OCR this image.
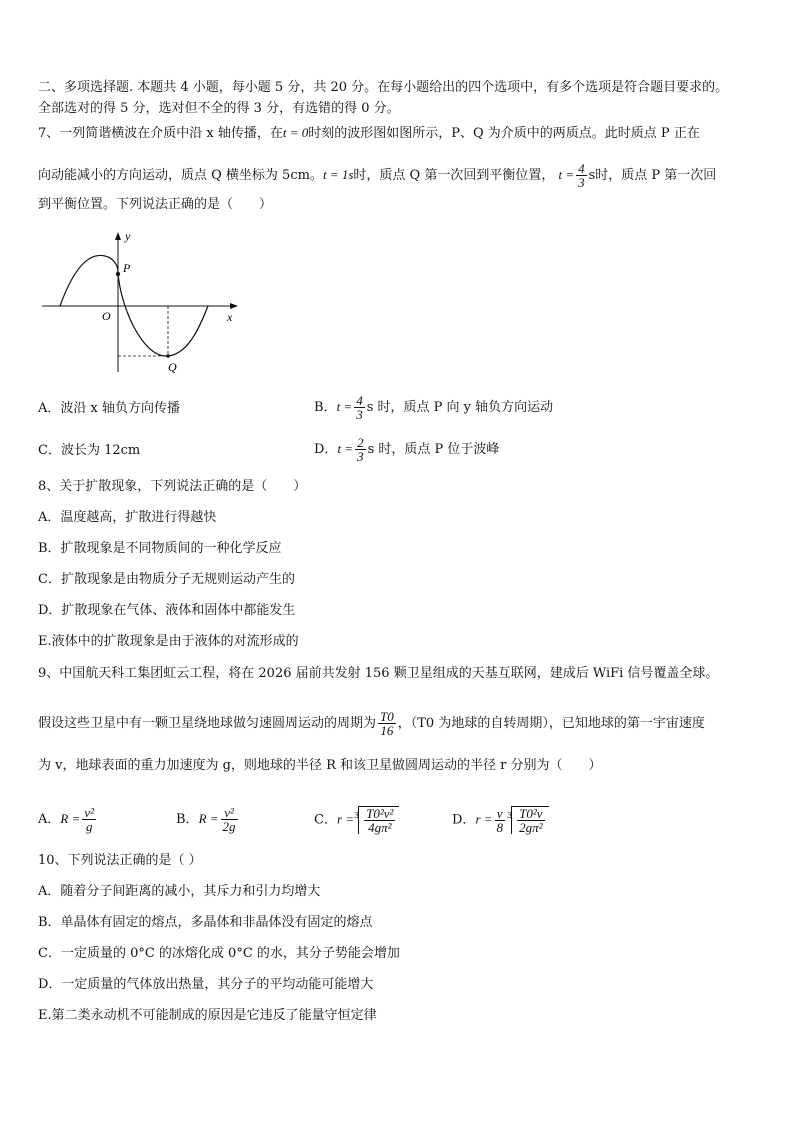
二、多项选择题. 本题共 4 小题，每小题 5 分，共 20 分。在每小题给出的四个选项中，有多个选项是符合题目要求的。
全部选对的得 5 分，选对但不全的得 3 分，有选错的得 0 分。
7、一列简谐横波在介质中沿 x 轴传播，在t = 0时刻的波形图如图所示，P、Q 为介质中的两质点。此时质点 P 正在
向动能减小的方向运动，质点 Q 横坐标为 5cm。t = 1s时，质点 Q 第一次回到平衡位置， $t = \frac{4}{3}$ s时，质点 P 第一次回
到平衡位置。下列说法正确的是（　　）
y
x
O
P
Q
A．波沿 x 轴负方向传播	B．$t = \frac{4}{3}$ s 时，质点 P 向 y 轴负方向运动
C．波长为 12cm	D．$t = \frac{2}{3}$ s 时，质点 P 位于波峰
8、关于扩散现象，下列说法正确的是（　　）
A．温度越高，扩散进行得越快
B．扩散现象是不同物质间的一种化学反应
C．扩散现象是由物质分子无规则运动产生的
D．扩散现象在气体、液体和固体中都能发生
E.液体中的扩散现象是由于液体的对流形成的
9、中国航天科工集团虹云工程，将在 2026 届前共发射 156 颗卫星组成的天基互联网，建成后 WiFi 信号覆盖全球。
假设这些卫星中有一颗卫星绕地球做匀速圆周运动的周期为 $\frac{T0}{16}$ ，（T0 为地球的自转周期），已知地球的第一宇宙速度
为 v，地球表面的重力加速度为 g，则地球的半径 R 和该卫星做圆周运动的半径 r 分别为（　　）
A．$R = \frac{\text{v²}}{g}$	B．$R = \frac{\text{v²}}{2g}$	C．$r =^3 \frac{\text{T0²v²}}{\text{4gπ²}}$	D．$r = \frac{v}{8} ^3 \frac{\text{T0²v}}{\text{2gπ²}}$
10、下列说法正确的是（ ）
A．随着分子间距离的减小，其斥力和引力均增大
B．单晶体有固定的熔点，多晶体和非晶体没有固定的熔点
C．一定质量的 0°C 的冰熔化成 0°C 的水，其分子势能会增加
D．一定质量的气体放出热量，其分子的平均动能可能增大
E.第二类永动机不可能制成的原因是它违反了能量守恒定律
